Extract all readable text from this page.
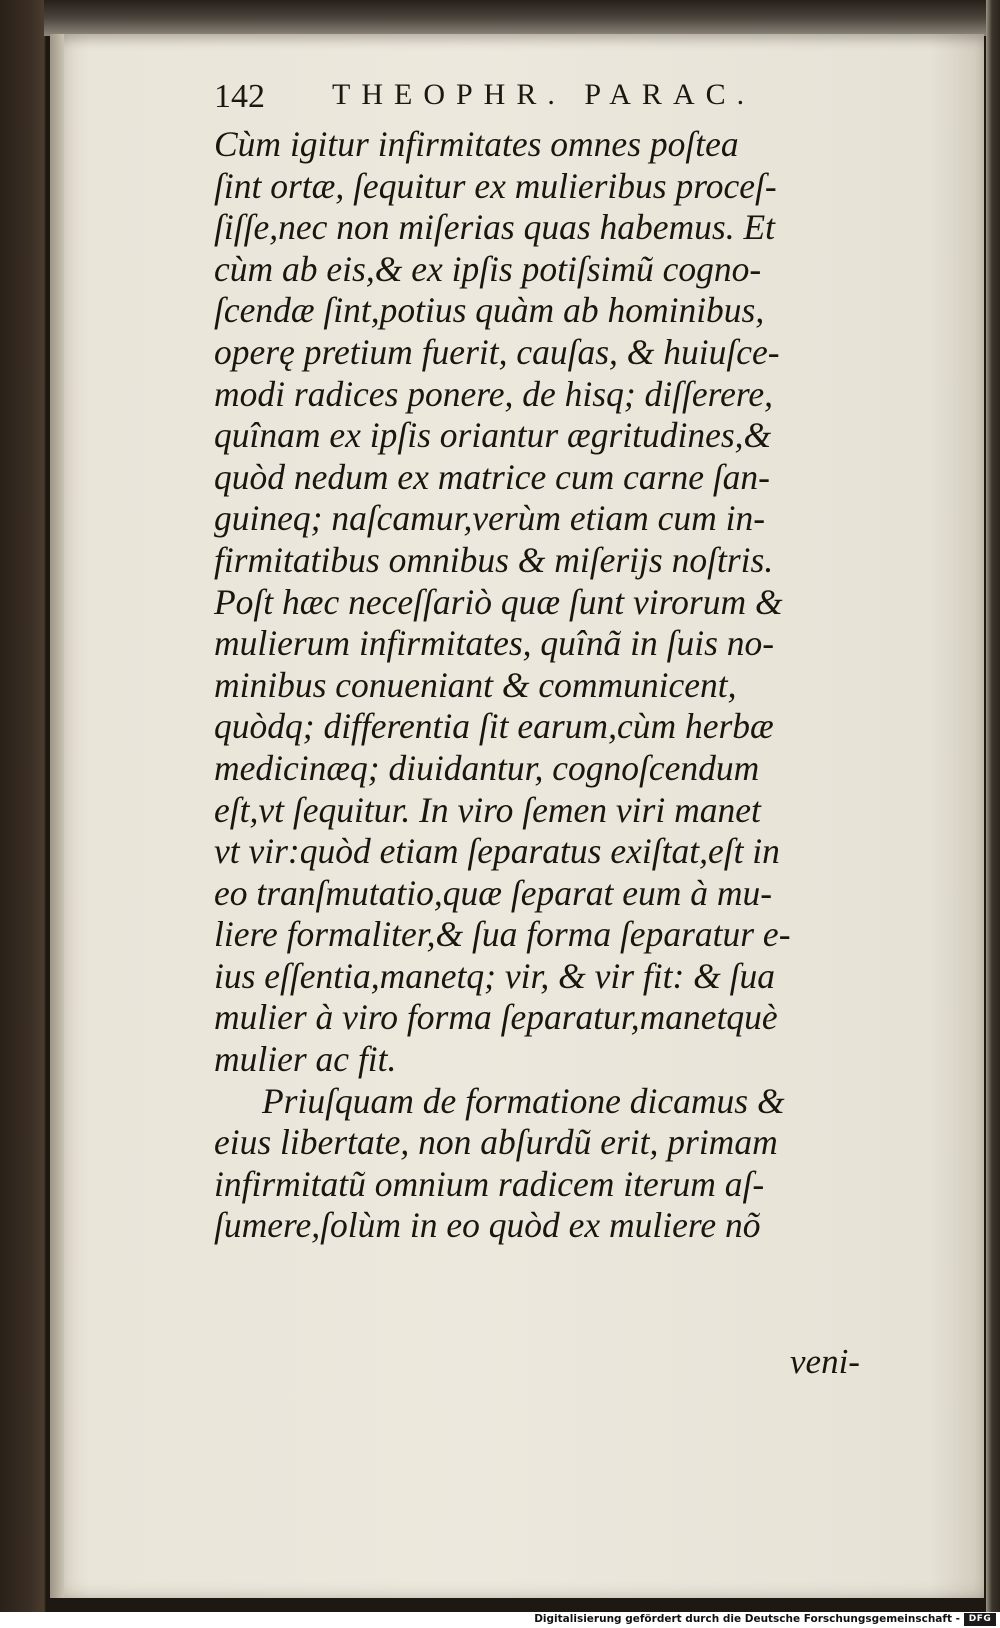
142 THEOPHR. PARAC.
Cùm igitur infirmitates omnes poſtea
ſint ortæ, ſequitur ex mulieribus proceſ-
ſiſſe,nec non miſerias quas habemus. Et
cùm ab eis,& ex ipſis potiſsimũ cogno-
ſcendæ ſint,potius quàm ab hominibus,
operę pretium fuerit, cauſas, & huiuſce-
modi radices ponere, de hisq; diſſerere,
quînam ex ipſis oriantur ægritudines,&
quòd nedum ex matrice cum carne ſan-
guineq; naſcamur,verùm etiam cum in-
firmitatibus omnibus & miſerijs noſtris.
Poſt hæc neceſſariò quæ ſunt virorum &
mulierum infirmitates, quînã in ſuis no-
minibus conueniant & communicent,
quòdq; differentia ſit earum,cùm herbæ
medicinæq; diuidantur, cognoſcendum
eſt,vt ſequitur. In viro ſemen viri manet
vt vir:quòd etiam ſeparatus exiſtat,eſt in
eo tranſmutatio,quæ ſeparat eum à mu-
liere formaliter,& ſua forma ſeparatur e-
ius eſſentia,manetq; vir, & vir fit: & ſua
mulier à viro forma ſeparatur,manetquè
mulier ac fit.
Priuſquam de formatione dicamus &
eius libertate, non abſurdũ erit, primam
infirmitatũ omnium radicem iterum aſ-
ſumere,ſolùm in eo quòd ex muliere nõ
veni-
Digitalisierung gefördert durch die Deutsche Forschungsgemeinschaft - DFG
